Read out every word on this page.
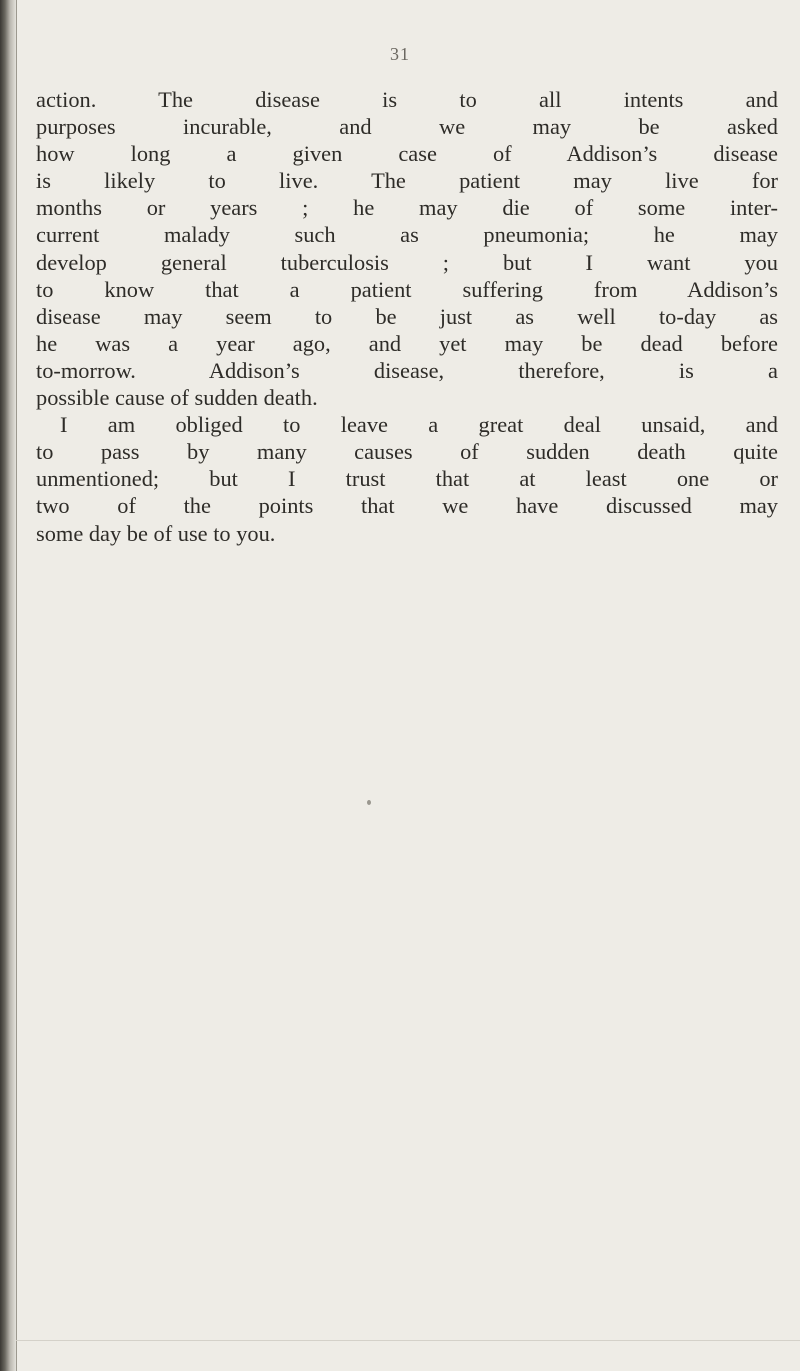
31
action. The disease is to all intents and
purposes incurable, and we may be asked
how long a given case of Addison’s disease
is likely to live. The patient may live for
months or years ; he may die of some inter-
current malady such as pneumonia; he may
develop general tuberculosis ; but I want you
to know that a patient suffering from Addison’s
disease may seem to be just as well to-day as
he was a year ago, and yet may be dead before
to-morrow. Addison’s disease, therefore, is a
possible cause of sudden death.
I am obliged to leave a great deal unsaid, and
to pass by many causes of sudden death quite
unmentioned; but I trust that at least one or
two of the points that we have discussed may
some day be of use to you.
